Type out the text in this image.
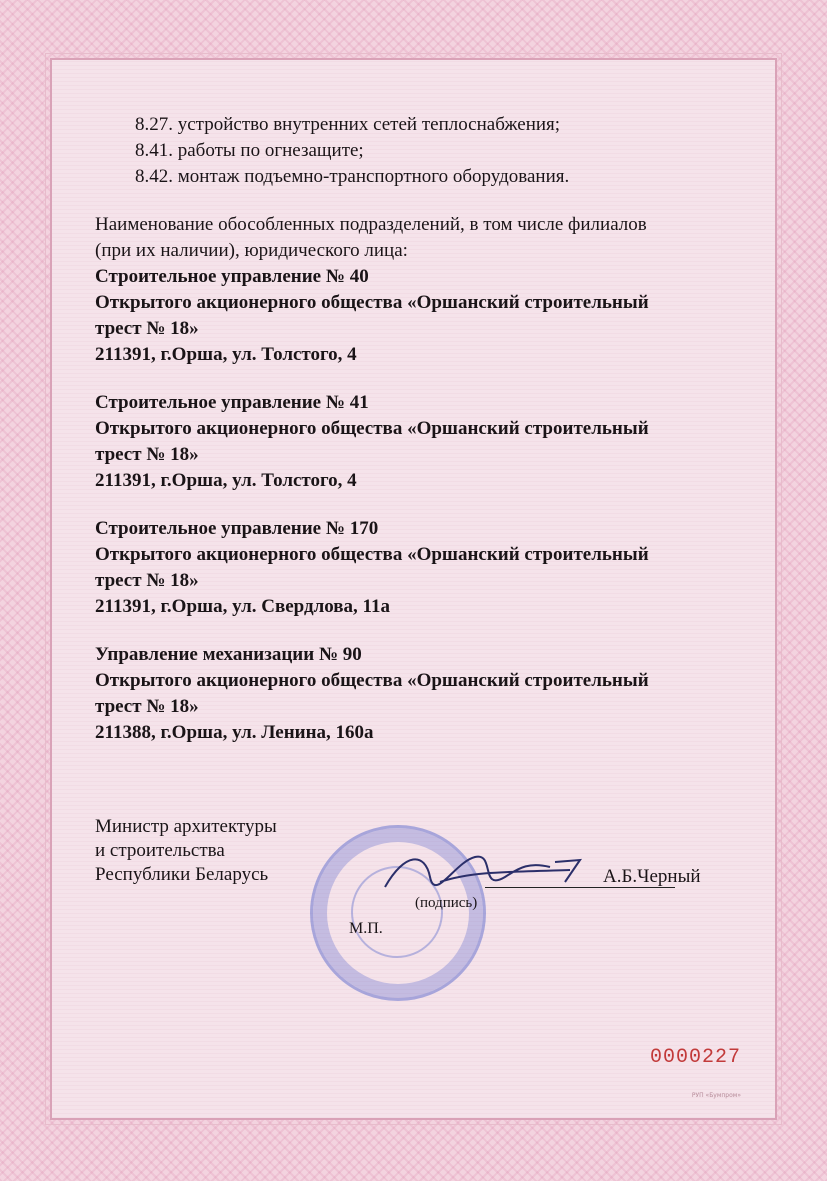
8.27. устройство внутренних сетей теплоснабжения;
8.41. работы по огнезащите;
8.42. монтаж подъемно-транспортного оборудования.
Наименование обособленных подразделений, в том числе филиалов
(при их наличии), юридического лица:
Строительное управление № 40
Открытого акционерного общества «Оршанский строительный
трест № 18»
211391, г.Орша, ул. Толстого, 4
Строительное управление № 41
Открытого акционерного общества «Оршанский строительный
трест № 18»
211391, г.Орша, ул. Толстого, 4
Строительное управление № 170
Открытого акционерного общества «Оршанский строительный
трест № 18»
211391, г.Орша, ул. Свердлова, 11а
Управление механизации № 90
Открытого акционерного общества «Оршанский строительный
трест № 18»
211388, г.Орша, ул. Ленина, 160а
Министр архитектуры
и строительства
Республики Беларусь	А.Б.Черный
(подпись)
М.П.
0000227
РУП «Бумпром»
